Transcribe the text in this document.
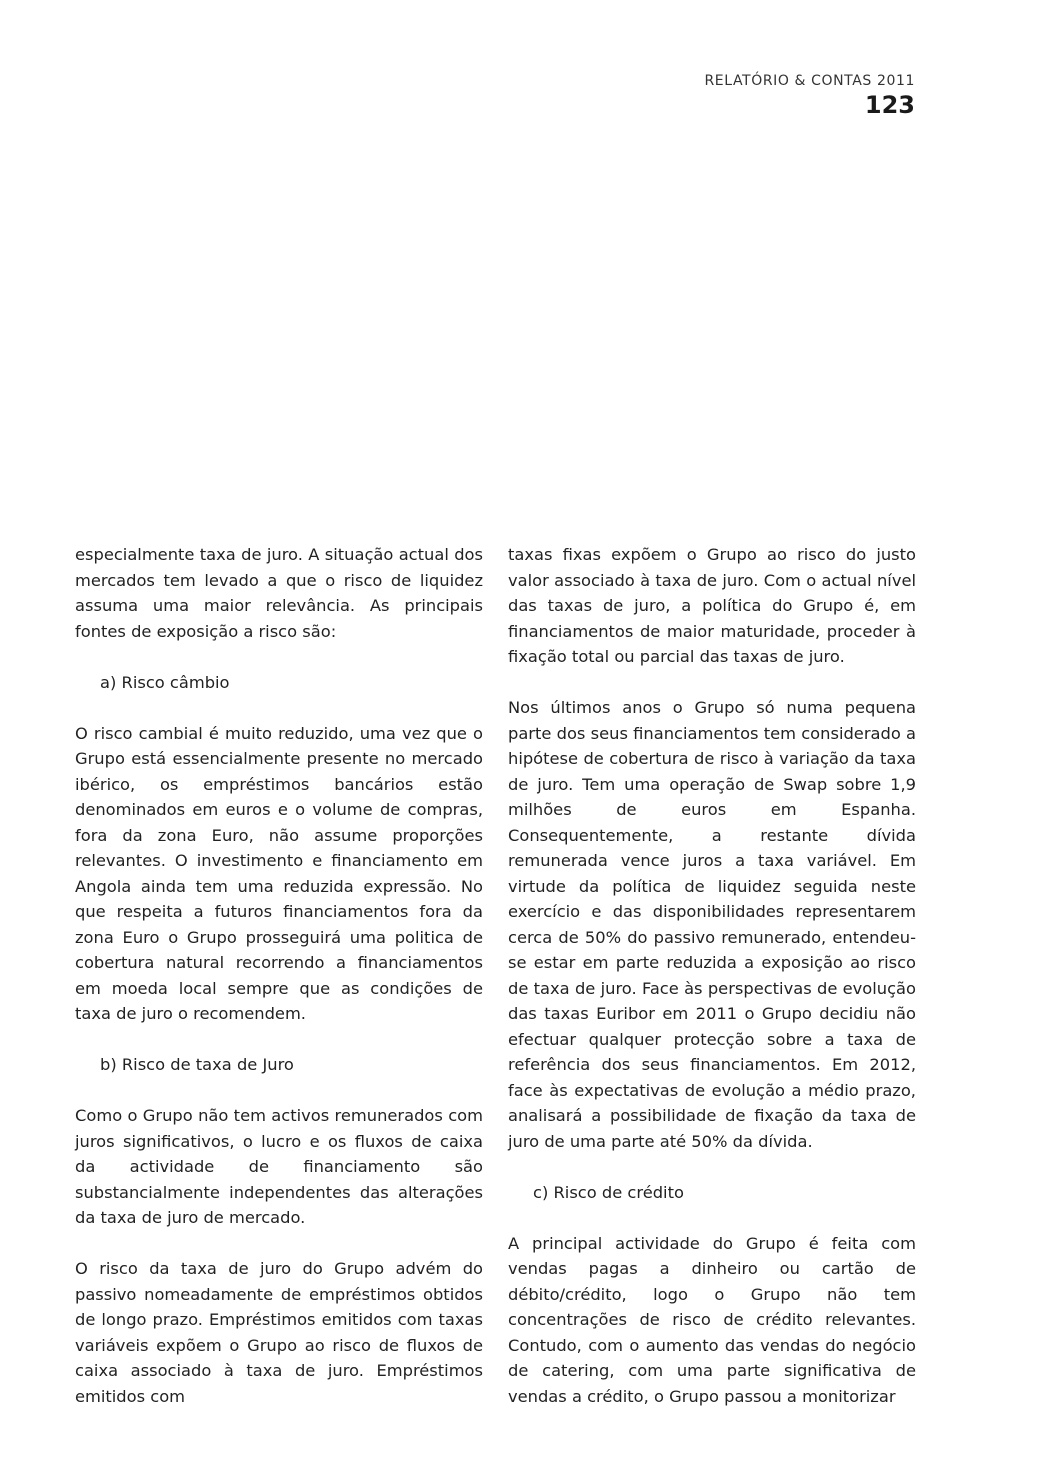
RELATÓRIO & CONTAS 2011
123

especialmente taxa de juro. A situação actual dos mercados tem levado a que o risco de liquidez assuma uma maior relevância. As principais fontes de exposição a risco são:

a) Risco câmbio

O risco cambial é muito reduzido, uma vez que o Grupo está essencialmente presente no mercado ibérico, os empréstimos bancários estão denominados em euros e o volume de compras, fora da zona Euro, não assume proporções relevantes. O investimento e financiamento em Angola ainda tem uma reduzida expressão. No que respeita a futuros financiamentos fora da zona Euro o Grupo prosseguirá uma politica de cobertura natural recorrendo a financiamentos em moeda local sempre que as condições de taxa de juro o recomendem.

b) Risco de taxa de Juro

Como o Grupo não tem activos remunerados com juros significativos, o lucro e os fluxos de caixa da actividade de financiamento são substancialmente independentes das alterações da taxa de juro de mercado.

O risco da taxa de juro do Grupo advém do passivo nomeadamente de empréstimos obtidos de longo prazo. Empréstimos emitidos com taxas variáveis expõem o Grupo ao risco de fluxos de caixa associado à taxa de juro. Empréstimos emitidos com

taxas fixas expõem o Grupo ao risco do justo valor associado à taxa de juro. Com o actual nível das taxas de juro, a política do Grupo é, em financiamentos de maior maturidade, proceder à fixação total ou parcial das taxas de juro.

Nos últimos anos o Grupo só numa pequena parte dos seus financiamentos tem considerado a hipótese de cobertura de risco à variação da taxa de juro. Tem uma operação de Swap sobre 1,9 milhões de euros em Espanha. Consequentemente, a restante dívida remunerada vence juros a taxa variável. Em virtude da política de liquidez seguida neste exercício e das disponibilidades representarem cerca de 50% do passivo remunerado, entendeu-se estar em parte reduzida a exposição ao risco de taxa de juro. Face às perspectivas de evolução das taxas Euribor em 2011 o Grupo decidiu não efectuar qualquer protecção sobre a taxa de referência dos seus financiamentos. Em 2012, face às expectativas de evolução a médio prazo, analisará a possibilidade de fixação da taxa de juro de uma parte até 50% da dívida.

c) Risco de crédito

A principal actividade do Grupo é feita com vendas pagas a dinheiro ou cartão de débito/crédito, logo o Grupo não tem concentrações de risco de crédito relevantes. Contudo, com o aumento das vendas do negócio de catering, com uma parte significativa de vendas a crédito, o Grupo passou a monitorizar
